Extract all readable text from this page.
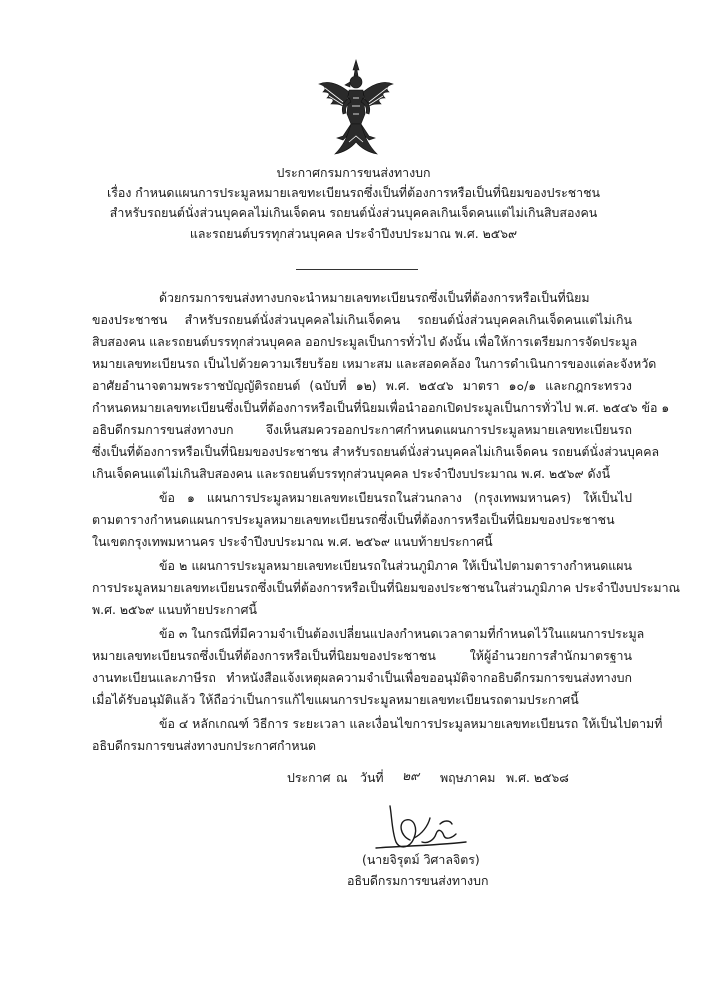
ประกาศกรมการขนส่งทางบก
เรื่อง กำหนดแผนการประมูลหมายเลขทะเบียนรถซึ่งเป็นที่ต้องการหรือเป็นที่นิยมของประชาชน
สำหรับรถยนต์นั่งส่วนบุคคลไม่เกินเจ็ดคน รถยนต์นั่งส่วนบุคคลเกินเจ็ดคนแต่ไม่เกินสิบสองคน
และรถยนต์บรรทุกส่วนบุคคล ประจำปีงบประมาณ พ.ศ. ๒๕๖๙
ด้วยกรมการขนส่งทางบกจะนำหมายเลขทะเบียนรถซึ่งเป็นที่ต้องการหรือเป็นที่นิยม
ของประชาชน สำหรับรถยนต์นั่งส่วนบุคคลไม่เกินเจ็ดคน รถยนต์นั่งส่วนบุคคลเกินเจ็ดคนแต่ไม่เกิน
สิบสองคน และรถยนต์บรรทุกส่วนบุคคล ออกประมูลเป็นการทั่วไป ดังนั้น เพื่อให้การเตรียมการจัดประมูล
หมายเลขทะเบียนรถ เป็นไปด้วยความเรียบร้อย เหมาะสม และสอดคล้อง ในการดำเนินการของแต่ละจังหวัด
อาศัยอำนาจตามพระราชบัญญัติรถยนต์ (ฉบับที่ ๑๒) พ.ศ. ๒๕๔๖ มาตรา ๑๐/๑ และกฎกระทรวง
กำหนดหมายเลขทะเบียนซึ่งเป็นที่ต้องการหรือเป็นที่นิยมเพื่อนำออกเปิดประมูลเป็นการทั่วไป พ.ศ. ๒๕๔๖ ข้อ ๑
อธิบดีกรมการขนส่งทางบก จึงเห็นสมควรออกประกาศกำหนดแผนการประมูลหมายเลขทะเบียนรถ
ซึ่งเป็นที่ต้องการหรือเป็นที่นิยมของประชาชน สำหรับรถยนต์นั่งส่วนบุคคลไม่เกินเจ็ดคน รถยนต์นั่งส่วนบุคคล
เกินเจ็ดคนแต่ไม่เกินสิบสองคน และรถยนต์บรรทุกส่วนบุคคล ประจำปีงบประมาณ พ.ศ. ๒๕๖๙ ดังนี้
ข้อ ๑ แผนการประมูลหมายเลขทะเบียนรถในส่วนกลาง (กรุงเทพมหานคร) ให้เป็นไป
ตามตารางกำหนดแผนการประมูลหมายเลขทะเบียนรถซึ่งเป็นที่ต้องการหรือเป็นที่นิยมของประชาชน
ในเขตกรุงเทพมหานคร ประจำปีงบประมาณ พ.ศ. ๒๕๖๙ แนบท้ายประกาศนี้
ข้อ ๒ แผนการประมูลหมายเลขทะเบียนรถในส่วนภูมิภาค ให้เป็นไปตามตารางกำหนดแผน
การประมูลหมายเลขทะเบียนรถซึ่งเป็นที่ต้องการหรือเป็นที่นิยมของประชาชนในส่วนภูมิภาค ประจำปีงบประมาณ
พ.ศ. ๒๕๖๙ แนบท้ายประกาศนี้
ข้อ ๓ ในกรณีที่มีความจำเป็นต้องเปลี่ยนแปลงกำหนดเวลาตามที่กำหนดไว้ในแผนการประมูล
หมายเลขทะเบียนรถซึ่งเป็นที่ต้องการหรือเป็นที่นิยมของประชาชน ให้ผู้อำนวยการสำนักมาตรฐาน
งานทะเบียนและภาษีรถ ทำหนังสือแจ้งเหตุผลความจำเป็นเพื่อขออนุมัติจากอธิบดีกรมการขนส่งทางบก
เมื่อได้รับอนุมัติแล้ว ให้ถือว่าเป็นการแก้ไขแผนการประมูลหมายเลขทะเบียนรถตามประกาศนี้
ข้อ ๔ หลักเกณฑ์ วิธีการ ระยะเวลา และเงื่อนไขการประมูลหมายเลขทะเบียนรถ ให้เป็นไปตามที่
อธิบดีกรมการขนส่งทางบกประกาศกำหนด
ประกาศ ณ วันที่ ๒๙ พฤษภาคม พ.ศ. ๒๕๖๘
(นายจิรุตม์ วิศาลจิตร)
อธิบดีกรมการขนส่งทางบก
